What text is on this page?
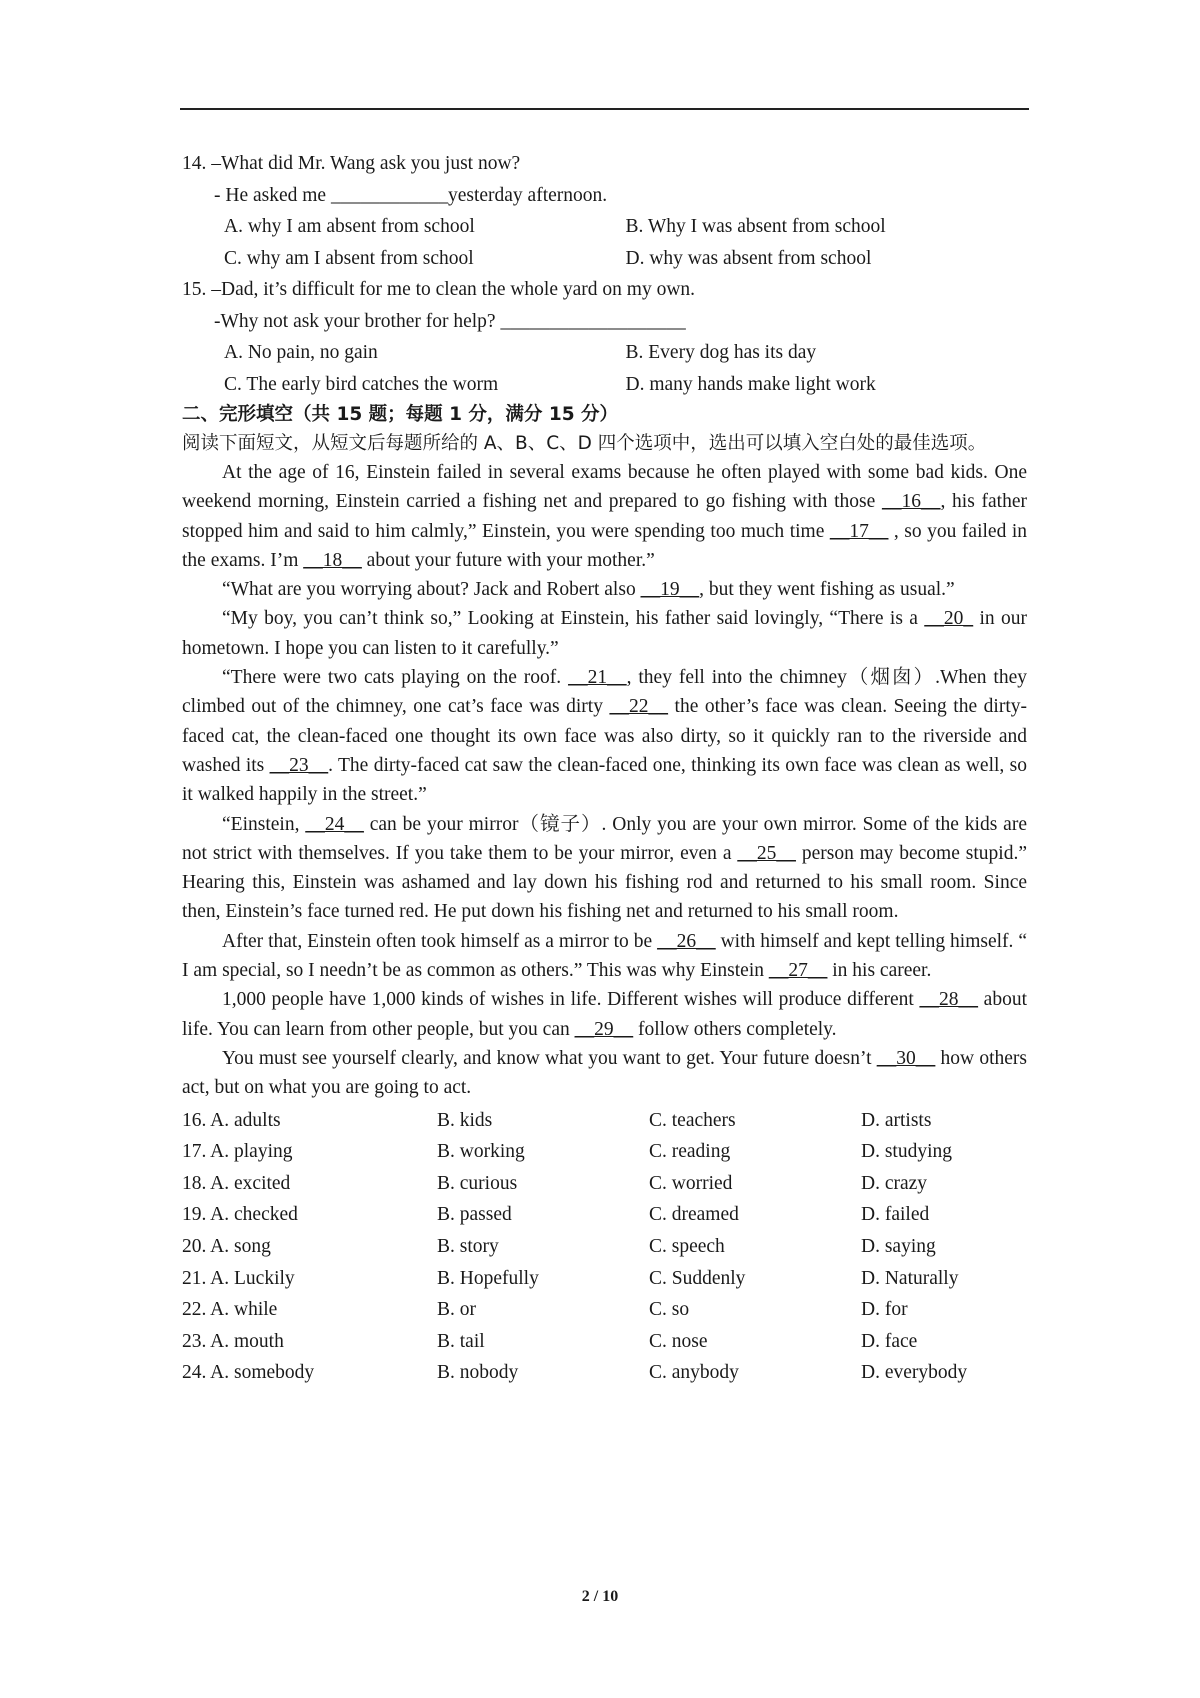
14. –What did Mr. Wang ask you just now?
- He asked me ____________yesterday afternoon.
A. why I am absent from school	B. Why I was absent from school
C. why am I absent from school	D. why was absent from school
15. –Dad, it’s difficult for me to clean the whole yard on my own.
-Why not ask your brother for help? ___________________
A. No pain, no gain	B. Every dog has its day
C. The early bird catches the worm	D. many hands make light work
二、完形填空（共 15 题；每题 1 分，满分 15 分）
阅读下面短文，从短文后每题所给的 A、B、C、D 四个选项中，选出可以填入空白处的最佳选项。

At the age of 16, Einstein failed in several exams because he often played with some bad kids. One weekend morning, Einstein carried a fishing net and prepared to go fishing with those __16__, his father stopped him and said to him calmly,” Einstein, you were spending too much time __17__ , so you failed in the exams. I’m __18__ about your future with your mother.”

“What are you worrying about? Jack and Robert also __19__, but they went fishing as usual.”

“My boy, you can’t think so,” Looking at Einstein, his father said lovingly, “There is a __20_ in our hometown. I hope you can listen to it carefully.”

“There were two cats playing on the roof. __21__, they fell into the chimney（烟囱）.When they climbed out of the chimney, one cat’s face was dirty __22__ the other’s face was clean. Seeing the dirty-faced cat, the clean-faced one thought its own face was also dirty, so it quickly ran to the riverside and washed its __23__. The dirty-faced cat saw the clean-faced one, thinking its own face was clean as well, so it walked happily in the street.”

“Einstein, __24__ can be your mirror（镜子）. Only you are your own mirror. Some of the kids are not strict with themselves. If you take them to be your mirror, even a __25__ person may become stupid.” Hearing this, Einstein was ashamed and lay down his fishing rod and returned to his small room. Since then, Einstein’s face turned red. He put down his fishing net and returned to his small room.

After that, Einstein often took himself as a mirror to be __26__ with himself and kept telling himself. “ I am special, so I needn’t be as common as others.” This was why Einstein __27__ in his career.

1,000 people have 1,000 kinds of wishes in life. Different wishes will produce different __28__ about life. You can learn from other people, but you can __29__ follow others completely.

You must see yourself clearly, and know what you want to get. Your future doesn’t __30__ how others act, but on what you are going to act.

16. A. adults	B. kids	C. teachers	D. artists
17. A. playing	B. working	C. reading	D. studying
18. A. excited	B. curious	C. worried	D. crazy
19. A. checked	B. passed	C. dreamed	D. failed
20. A. song	B. story	C. speech	D. saying
21. A. Luckily	B. Hopefully	C. Suddenly	D. Naturally
22. A. while	B. or	C. so	D. for
23. A. mouth	B. tail	C. nose	D. face
24. A. somebody	B. nobody	C. anybody	D. everybody
2 / 10
